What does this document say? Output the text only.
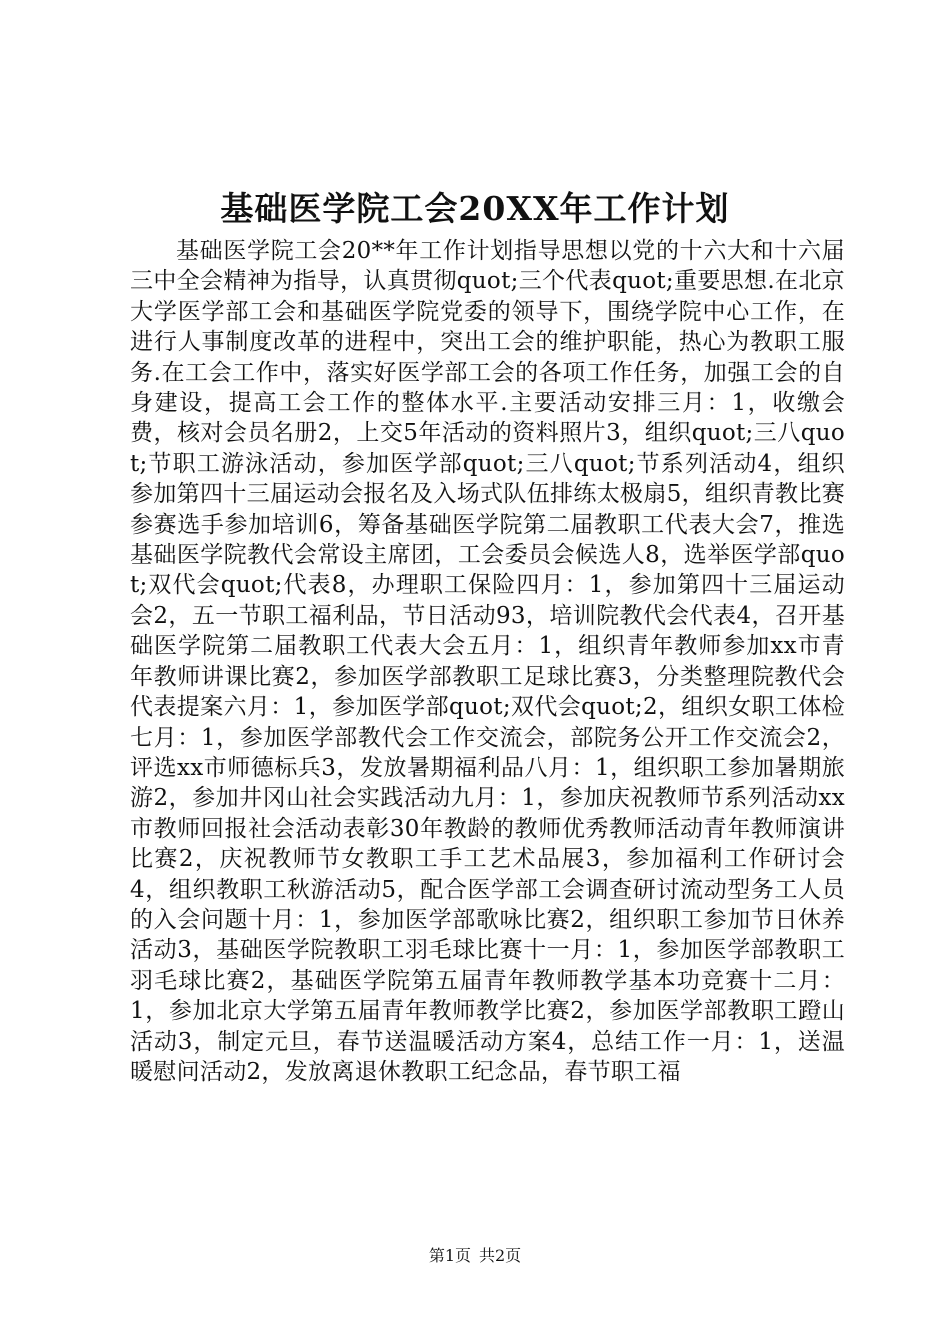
基础医学院工会20XX年工作计划

基础医学院工会20**年工作计划指导思想以党的十六大和十六届三中全会精神为指导，认真贯彻quot;三个代表quot;重要思想.在北京大学医学部工会和基础医学院党委的领导下，围绕学院中心工作，在进行人事制度改革的进程中，突出工会的维护职能，热心为教职工服务.在工会工作中，落实好医学部工会的各项工作任务，加强工会的自身建设，提高工会工作的整体水平.主要活动安排三月：1，收缴会费，核对会员名册2，上交5年活动的资料照片3，组织quot;三八quot;节职工游泳活动，参加医学部quot;三八quot;节系列活动4，组织参加第四十三届运动会报名及入场式队伍排练太极扇5，组织青教比赛参赛选手参加培训6，筹备基础医学院第二届教职工代表大会7，推选基础医学院教代会常设主席团，工会委员会候选人8，选举医学部quot;双代会quot;代表8，办理职工保险四月：1，参加第四十三届运动会2，五一节职工福利品，节日活动93，培训院教代会代表4，召开基础医学院第二届教职工代表大会五月：1，组织青年教师参加xx市青年教师讲课比赛2，参加医学部教职工足球比赛3，分类整理院教代会代表提案六月：1，参加医学部quot;双代会quot;2，组织女职工体检七月：1，参加医学部教代会工作交流会，部院务公开工作交流会2，评选xx市师德标兵3，发放暑期福利品八月：1，组织职工参加暑期旅游2，参加井冈山社会实践活动九月：1，参加庆祝教师节系列活动xx市教师回报社会活动表彰30年教龄的教师优秀教师活动青年教师演讲比赛2，庆祝教师节女教职工手工艺术品展3，参加福利工作研讨会4，组织教职工秋游活动5，配合医学部工会调查研讨流动型务工人员的入会问题十月：1，参加医学部歌咏比赛2，组织职工参加节日休养活动3，基础医学院教职工羽毛球比赛十一月：1，参加医学部教职工羽毛球比赛2，基础医学院第五届青年教师教学基本功竞赛十二月：1，参加北京大学第五届青年教师教学比赛2，参加医学部教职工蹬山活动3，制定元旦，春节送温暖活动方案4，总结工作一月：1，送温暖慰问活动2，发放离退休教职工纪念品，春节职工福

第1页 共2页
